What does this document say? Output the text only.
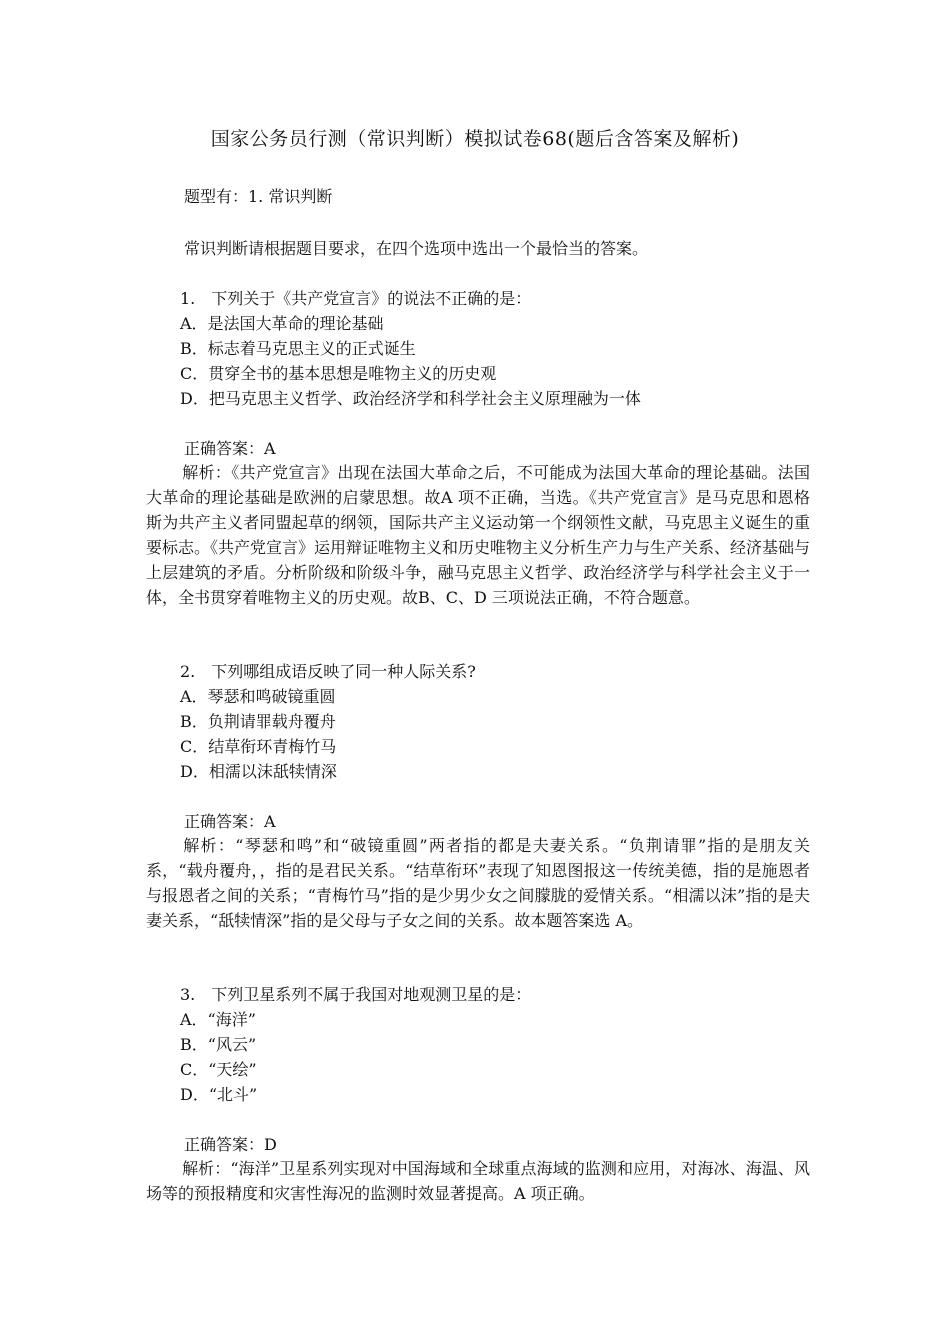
国家公务员行测（常识判断）模拟试卷68(题后含答案及解析)
题型有：1. 常识判断
常识判断请根据题目要求，在四个选项中选出一个最恰当的答案。
1.　下列关于《共产党宣言》的说法不正确的是：
A．是法国大革命的理论基础
B．标志着马克思主义的正式诞生
C．贯穿全书的基本思想是唯物主义的历史观
D．把马克思主义哲学、政治经济学和科学社会主义原理融为一体
正确答案：A
解析：《共产党宣言》出现在法国大革命之后，不可能成为法国大革命的理论基础。法国大革命的理论基础是欧洲的启蒙思想。故A 项不正确，当选。《共产党宣言》是马克思和恩格斯为共产主义者同盟起草的纲领，国际共产主义运动第一个纲领性文献，马克思主义诞生的重要标志。《共产党宣言》运用辩证唯物主义和历史唯物主义分析生产力与生产关系、经济基础与上层建筑的矛盾。分析阶级和阶级斗争，融马克思主义哲学、政治经济学与科学社会主义于一体，全书贯穿着唯物主义的历史观。故B、C、D 三项说法正确，不符合题意。
2.　下列哪组成语反映了同一种人际关系?
A．琴瑟和鸣破镜重圆
B．负荆请罪载舟覆舟
C．结草衔环青梅竹马
D．相濡以沫舐犊情深
正确答案：A
解析：“琴瑟和鸣”和“破镜重圆”两者指的都是夫妻关系。“负荆请罪”指的是朋友关系，“载舟覆舟，，指的是君民关系。“结草衔环”表现了知恩图报这一传统美德，指的是施恩者与报恩者之间的关系；“青梅竹马”指的是少男少女之间朦胧的爱情关系。“相濡以沫”指的是夫妻关系，“舐犊情深”指的是父母与子女之间的关系。故本题答案选 A。
3.　下列卫星系列不属于我国对地观测卫星的是：
A．“海洋”
B．“风云”
C．“天绘”
D．“北斗”
正确答案：D
解析：“海洋”卫星系列实现对中国海域和全球重点海域的监测和应用，对海冰、海温、风场等的预报精度和灾害性海况的监测时效显著提高。A 项正确。
